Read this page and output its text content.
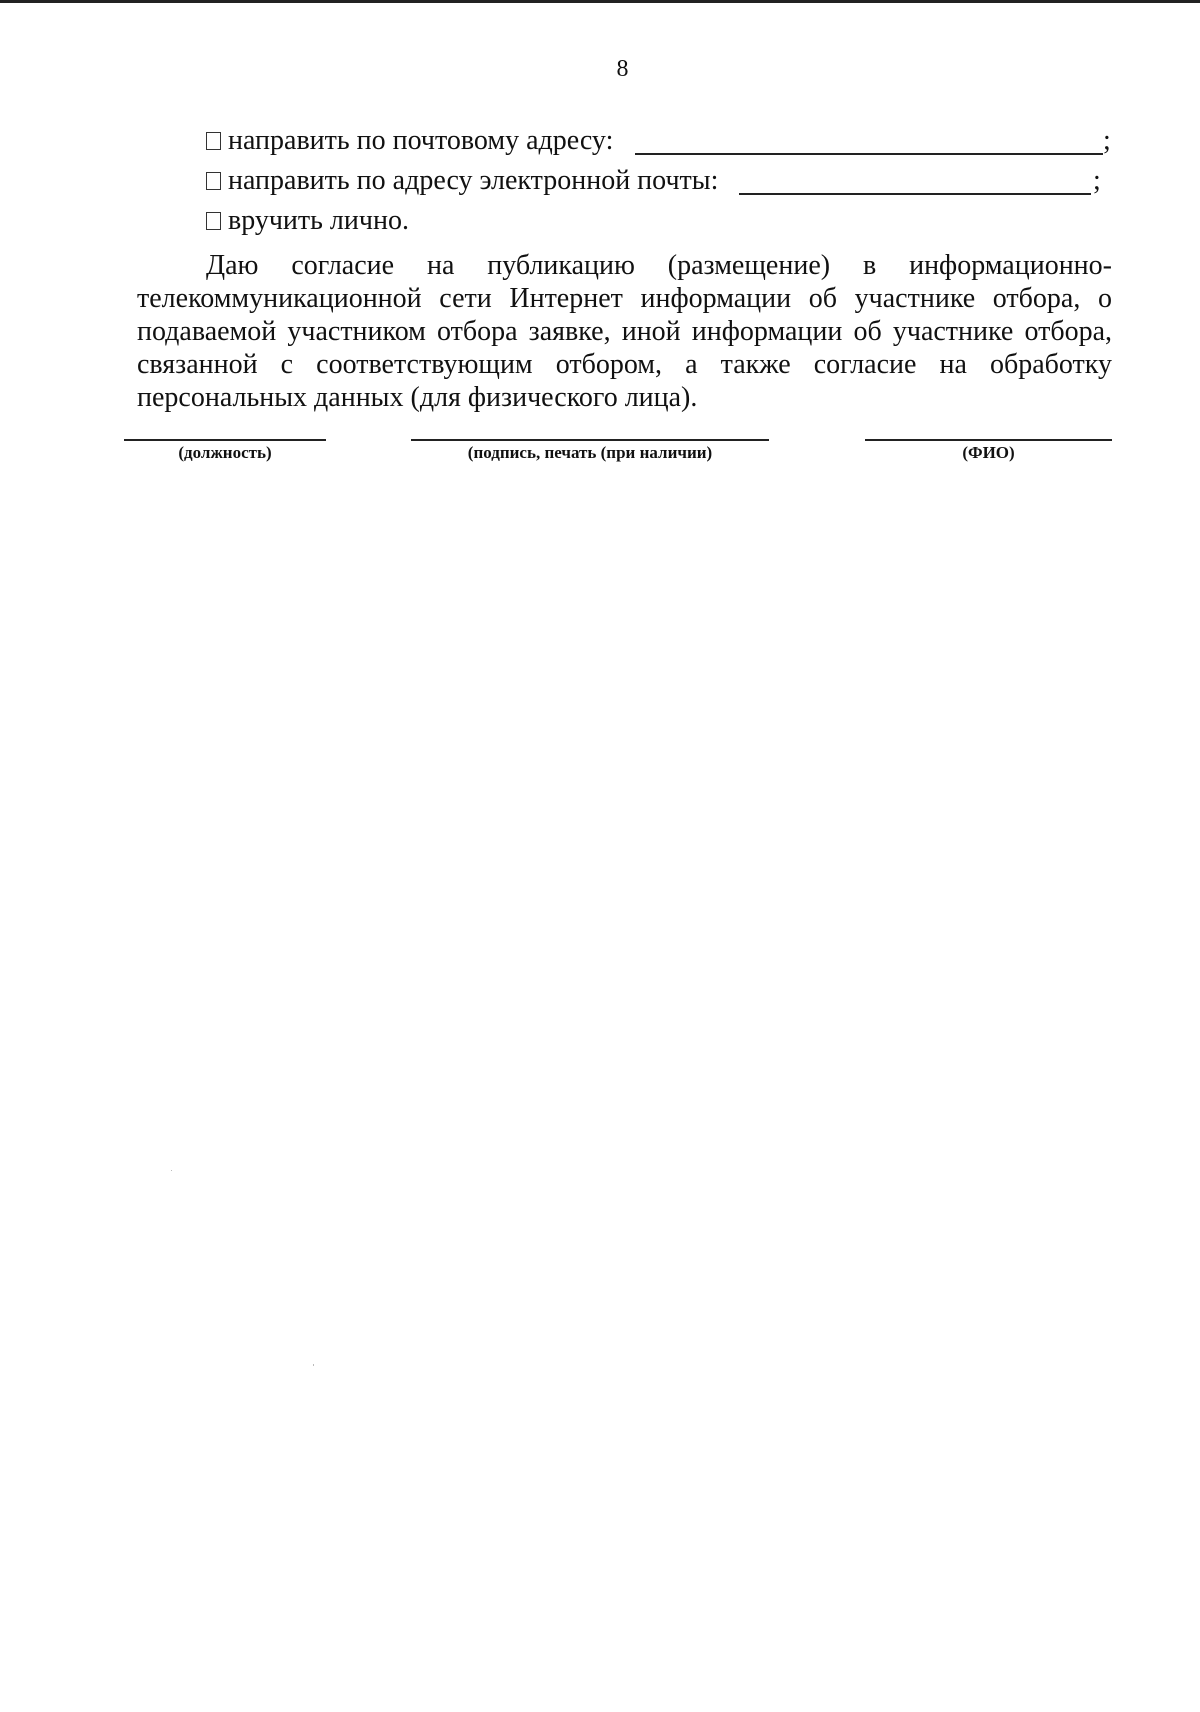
8
направить по почтовому адресу:	;
направить по адресу электронной почты:	;
вручить лично.
Даю согласие на публикацию (размещение) в информационно-телекоммуникационной сети Интернет информации об участнике отбора, о подаваемой участником отбора заявке, иной информации об участнике отбора, связанной с соответствующим отбором, а также согласие на обработку персональных данных (для физического лица).
(должность)	(подпись, печать (при наличии)	(ФИО)
